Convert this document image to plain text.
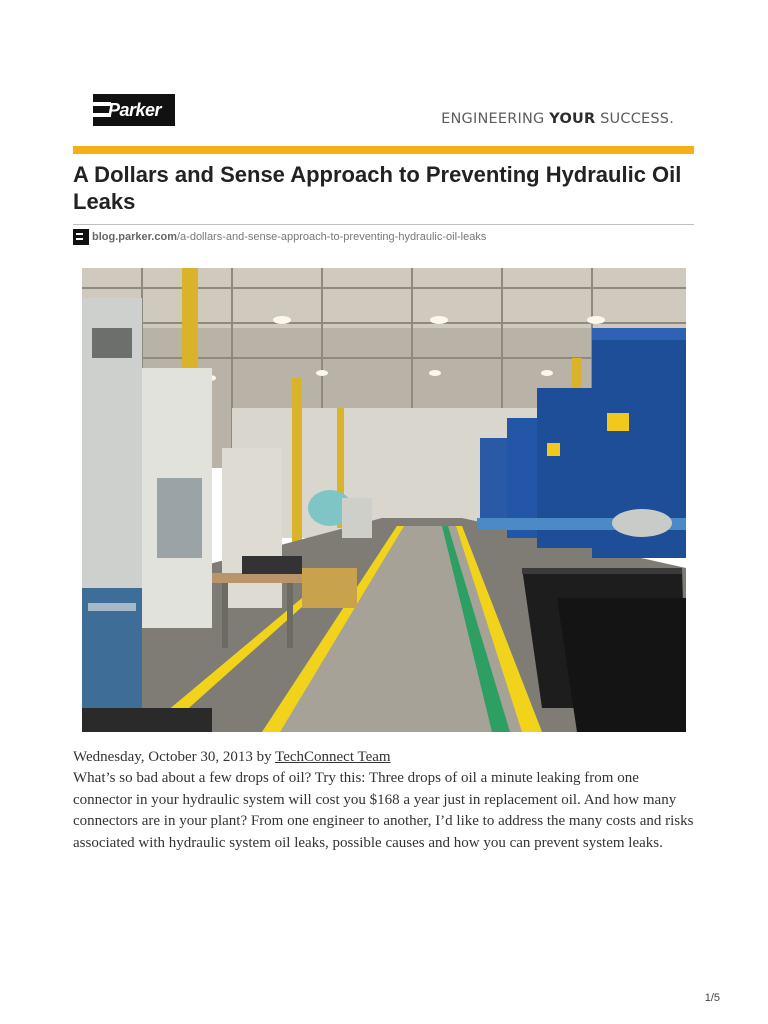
Parker	ENGINEERING YOUR SUCCESS.
A Dollars and Sense Approach to Preventing Hydraulic Oil Leaks
blog.parker.com /a-dollars-and-sense-approach-to-preventing-hydraulic-oil-leaks
Wednesday, October 30, 2013 by TechConnect Team

What’s so bad about a few drops of oil? Try this: Three drops of oil a minute leaking from one connector in your hydraulic system will cost you $168 a year just in replacement oil. And how many connectors are in your plant? From one engineer to another, I’d like to address the many costs and risks associated with hydraulic system oil leaks, possible causes and how you can prevent system leaks.

1/5
